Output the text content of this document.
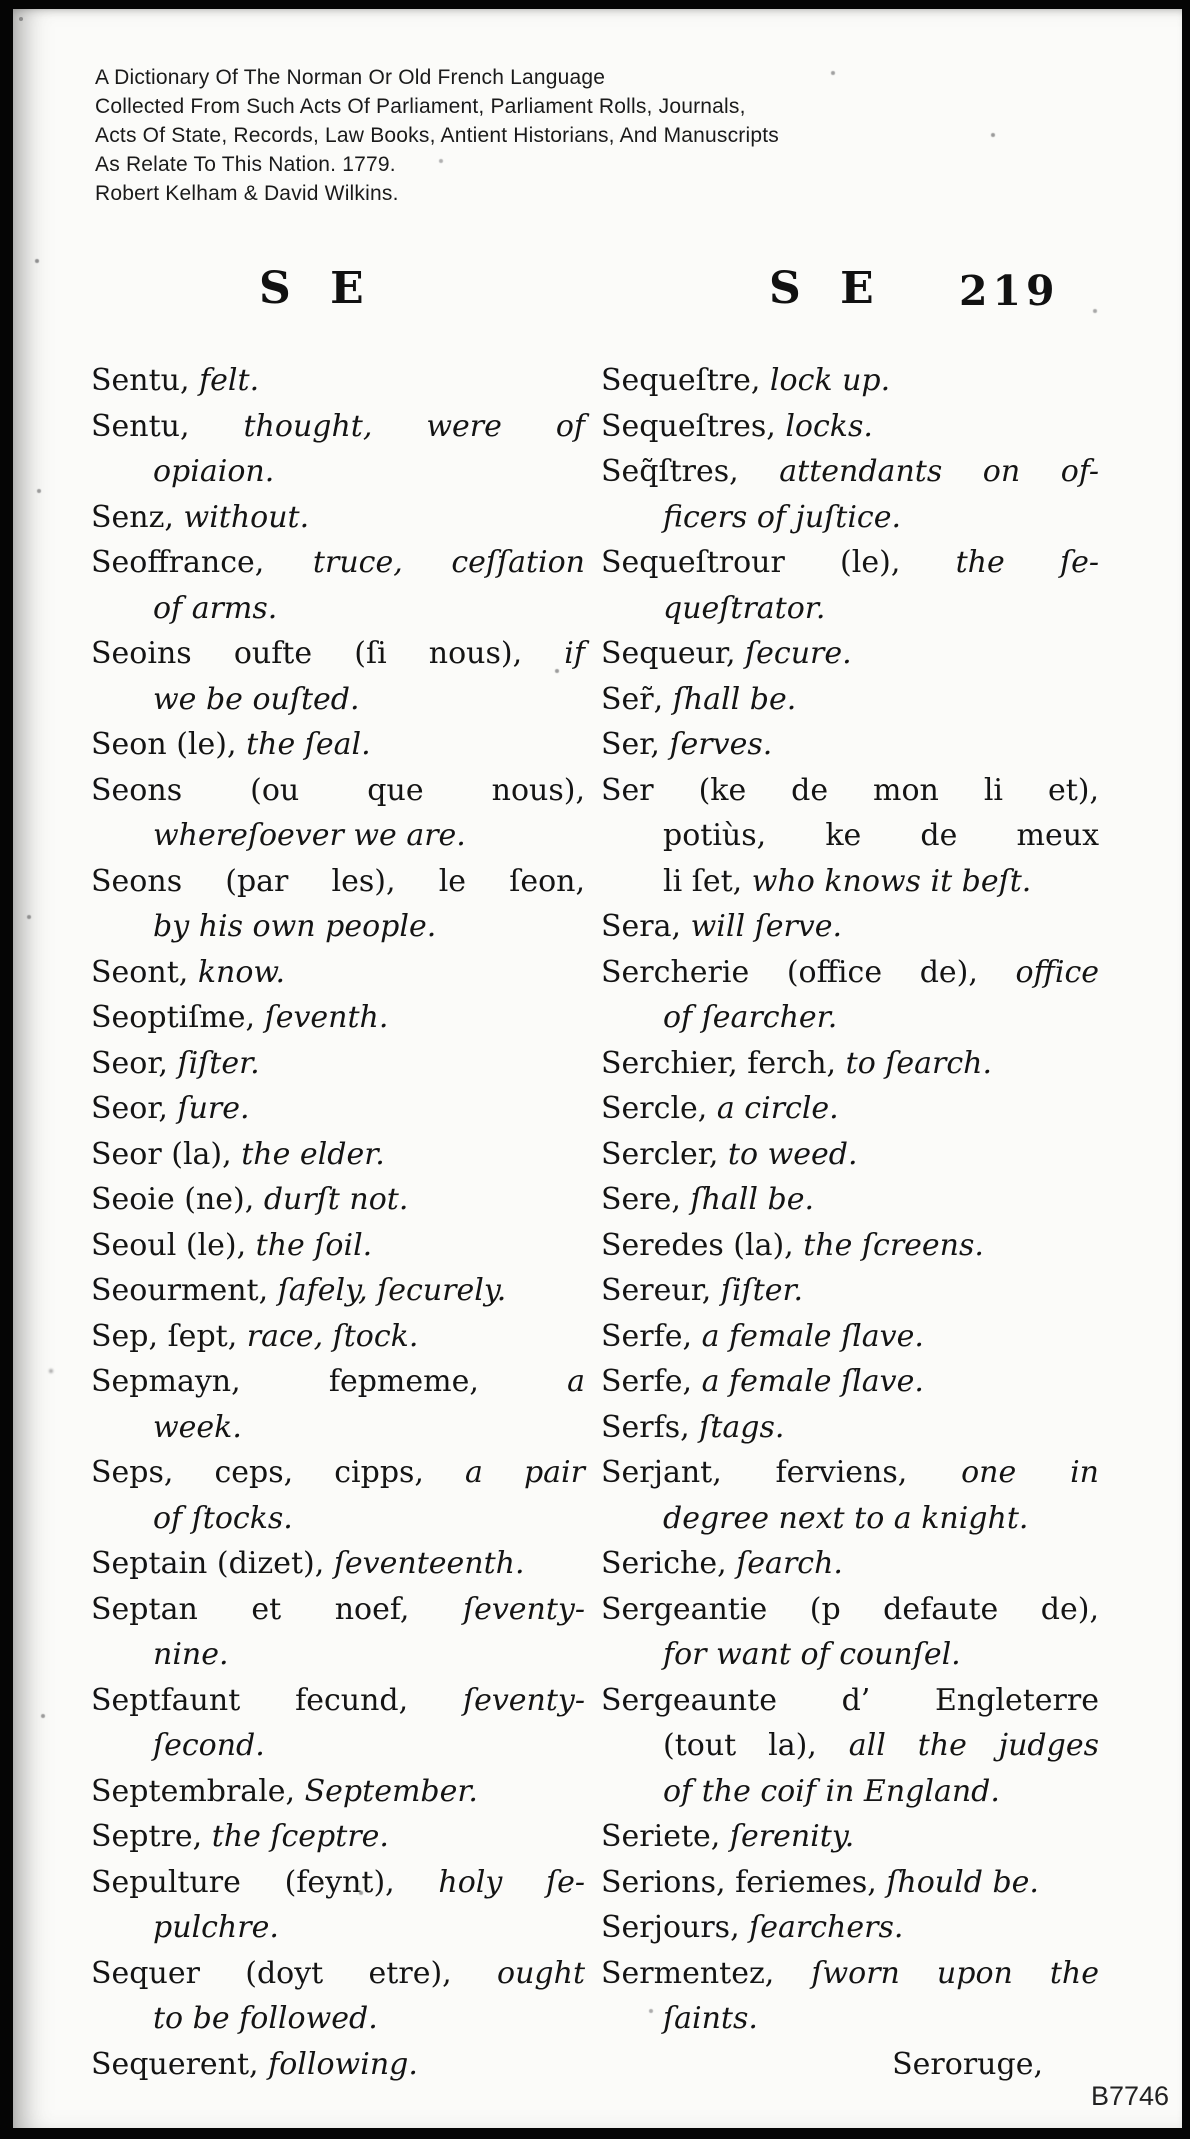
A Dictionary Of The Norman Or Old French Language
Collected From Such Acts Of Parliament, Parliament Rolls, Journals,
Acts Of State, Records, Law Books, Antient Historians, And Manuscripts
As Relate To This Nation. 1779.
Robert Kelham & David Wilkins.
S E	S E 219
Sentu, felt.
Sentu, thought, were of
opiaion.
Senz, without.
Seoffrance, truce, ceſſation
of arms.
Seoins oufte (ſi nous), if
we be ouſted.
Seon (le), the ſeal.
Seons (ou que nous),
whereſoever we are.
Seons (par les), le ſeon,
by his own people.
Seont, know.
Seoptiſme, ſeventh.
Seor, ſiſter.
Seor, ſure.
Seor (la), the elder.
Seoie (ne), durſt not.
Seoul (le), the ſoil.
Seourment, ſafely, ſecurely.
Sep, ſept, race, ſtock.
Sepmayn, fepmeme, a
week.
Seps, ceps, cipps, a pair
of ſtocks.
Septain (dizet), ſeventeenth.
Septan et noef, ſeventy-
nine.
Septfaunt fecund, ſeventy-
ſecond.
Septembrale, September.
Septre, the ſceptre.
Sepulture (feynt), holy ſe-
pulchre.
Sequer (doyt etre), ought
to be followed.
Sequerent, following.
Sequeſtre, lock up.
Sequeſtres, locks.
Seq̃ſtres, attendants on of-
ficers of juſtice.
Sequeſtrour (le), the ſe-
queſtrator.
Sequeur, ſecure.
Ser̃, ſhall be.
Ser, ſerves.
Ser (ke de mon li et),
potiùs, ke de meux
li ſet, who knows it beſt.
Sera, will ſerve.
Sercherie (office de), office
of ſearcher.
Serchier, ferch, to ſearch.
Sercle, a circle.
Sercler, to weed.
Sere, ſhall be.
Seredes (la), the ſcreens.
Sereur, ſiſter.
Serfe, a female ſlave.
Serfe, a female ſlave.
Serfs, ſtags.
Serjant, ferviens, one in
degree next to a knight.
Seriche, ſearch.
Sergeantie (p defaute de),
for want of counſel.
Sergeaunte d’ Engleterre
(tout la), all the judges
of the coif in England.
Seriete, ſerenity.
Serions, feriemes, ſhould be.
Serjours, ſearchers.
Sermentez, ſworn upon the
ſaints.
Seroruge,
B7746
